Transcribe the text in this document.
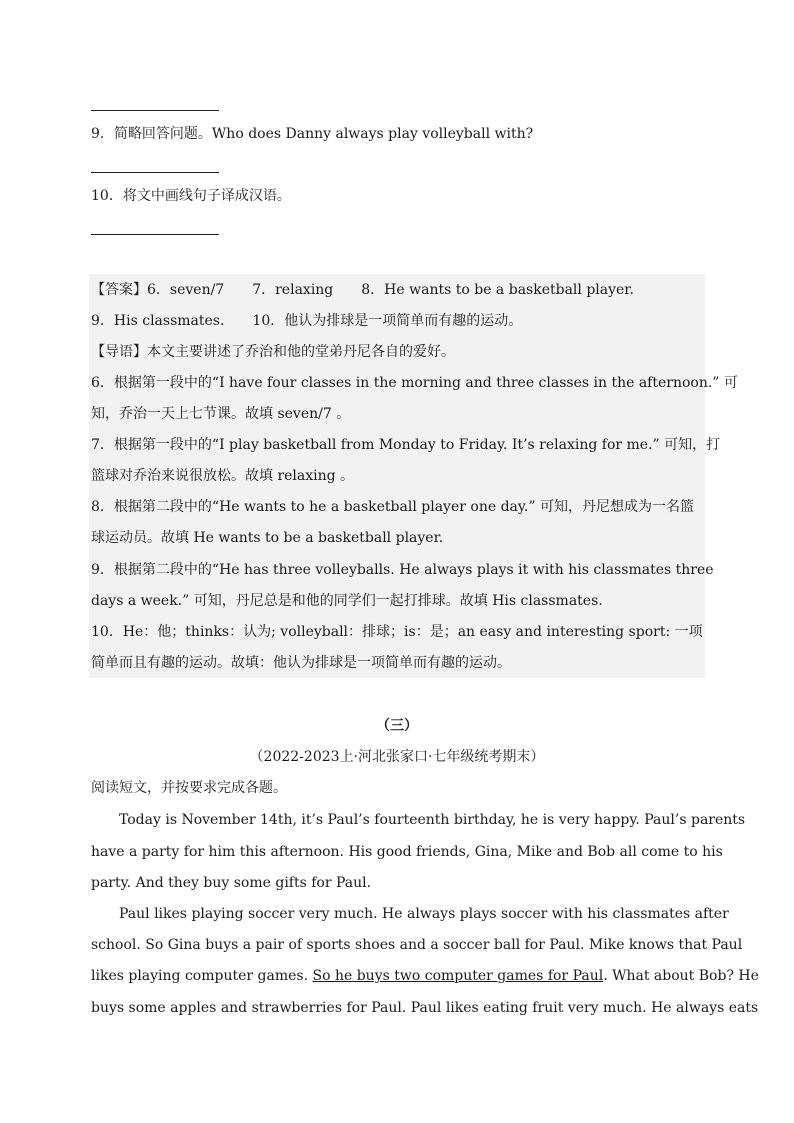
9．简略回答问题。Who does Danny always play volleyball with?
10．将文中画线句子译成汉语。
【答案】6．seven/7　　7．relaxing　　8．He wants to be a basketball player.
9．His classmates.　　10．他认为排球是一项简单而有趣的运动。
【导语】本文主要讲述了乔治和他的堂弟丹尼各自的爱好。
6．根据第一段中的“I have four classes in the morning and three classes in the afternoon.” 可
知，乔治一天上七节课。故填 seven/7 。
7．根据第一段中的“I play basketball from Monday to Friday. It’s relaxing for me.” 可知，打
篮球对乔治来说很放松。故填 relaxing 。
8．根据第二段中的“He wants to he a basketball player one day.” 可知，丹尼想成为一名篮
球运动员。故填 He wants to be a basketball player.
9．根据第二段中的“He has three volleyballs. He always plays it with his classmates three
days a week.” 可知，丹尼总是和他的同学们一起打排球。故填 His classmates.
10．He：他；thinks：认为; volleyball：排球；is：是；an easy and interesting sport: 一项
简单而且有趣的运动。故填：他认为排球是一项简单而有趣的运动。
（三）
（2022-2023上·河北张家口·七年级统考期末）
阅读短文，并按要求完成各题。
Today is November 14th, it’s Paul’s fourteenth birthday, he is very happy. Paul’s parents
have a party for him this afternoon. His good friends, Gina, Mike and Bob all come to his
party. And they buy some gifts for Paul.
Paul likes playing soccer very much. He always plays soccer with his classmates after
school. So Gina buys a pair of sports shoes and a soccer ball for Paul. Mike knows that Paul
likes playing computer games. So he buys two computer games for Paul. What about Bob? He
buys some apples and strawberries for Paul. Paul likes eating fruit very much. He always eats
